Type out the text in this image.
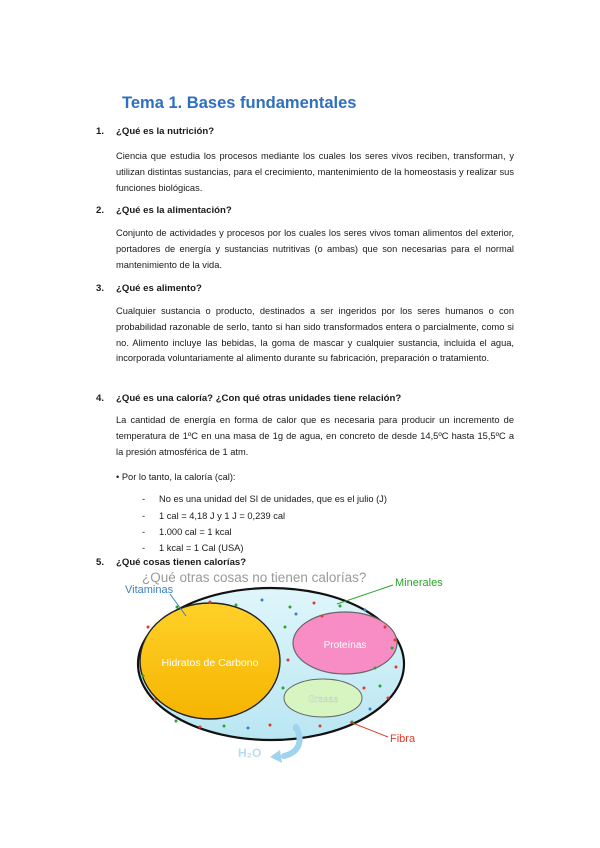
Tema 1. Bases fundamentales
1. ¿Qué es la nutrición?
Ciencia que estudia los procesos mediante los cuales los seres vivos reciben, transforman, y utilizan distintas sustancias, para el crecimiento, mantenimiento de la homeostasis y realizar sus funciones biológicas.
2. ¿Qué es la alimentación?
Conjunto de actividades y procesos por los cuales los seres vivos toman alimentos del exterior, portadores de energía y sustancias nutritivas (o ambas) que son necesarias para el normal mantenimiento de la vida.
3. ¿Qué es alimento?
Cualquier sustancia o producto, destinados a ser ingeridos por los seres humanos o con probabilidad razonable de serlo, tanto si han sido transformados entera o parcialmente, como si no. Alimento incluye las bebidas, la goma de mascar y cualquier sustancia, incluida el agua, incorporada voluntariamente al alimento durante su fabricación, preparación o tratamiento.
4. ¿Qué es una caloría? ¿Con qué otras unidades tiene relación?
La cantidad de energía en forma de calor que es necesaria para producir un incremento de temperatura de 1ºC en una masa de 1g de agua, en concreto de desde 14,5ºC hasta 15,5ºC a la presión atmosférica de 1 atm.
• Por lo tanto, la caloría (cal):
- No es una unidad del SI de unidades, que es el julio (J)
- 1 cal = 4,18 J y 1 J = 0,239 cal
- 1.000 cal = 1 kcal
- 1 kcal = 1 Cal (USA)
5. ¿Qué cosas tienen calorías?
¿Qué otras cosas no tienen calorías?
Hidratos de Carbono
Proteínas
Grasas
Vitaminas
Minerales
Fibra
H₂O
